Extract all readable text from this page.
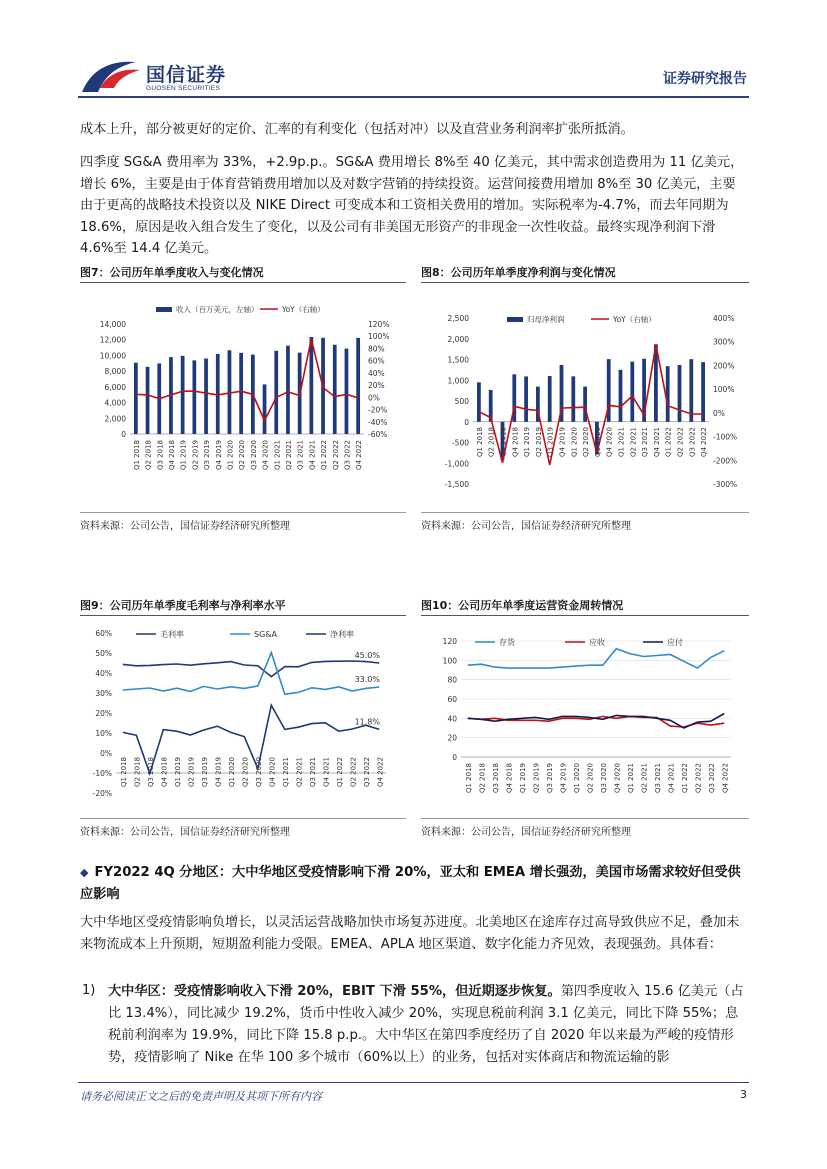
国信证券
GUOSEN SECURITIES
证券研究报告

成本上升，部分被更好的定价、汇率的有利变化（包括对冲）以及直营业务利润率扩张所抵消。

四季度 SG&A 费用率为 33%，+2.9p.p.。SG&A 费用增长 8%至 40 亿美元，其中需求创造费用为 11 亿美元，增长 6%，主要是由于体育营销费用增加以及对数字营销的持续投资。运营间接费用增加 8%至 30 亿美元，主要由于更高的战略技术投资以及 NIKE Direct 可变成本和工资相关费用的增加。实际税率为-4.7%，而去年同期为 18.6%，原因是收入组合发生了变化，以及公司有非美国无形资产的非现金一次性收益。最终实现净利润下滑 4.6%至 14.4 亿美元。

图7：公司历年单季度收入与变化情况
0
2,000
4,000
6,000
8,000
10,000
12,000
14,000
-60%
-40%
-20%
0%
20%
40%
60%
80%
100%
120%
Q1 2018 Q2 2018 Q3 2018 Q4 2018 Q1 2019 Q2 2019 Q3 2019 Q4 2019 Q1 2020 Q2 2020 Q3 2020 Q4 2020 Q1 2021 Q2 2021 Q3 2021 Q4 2021 Q1 2022 Q2 2022 Q3 2022 Q4 2022
收入（百万美元，左轴）	YoY（右轴）
资料来源：公司公告，国信证券经济研究所整理
图8：公司历年单季度净利润与变化情况
-1,500
-1,000
-500
0
500
1,000
1,500
2,000
2,500
-300%
-200%
-100%
0%
100%
200%
300%
400%
Q1 2018 Q2 2018 Q3 2018 Q4 2018 Q1 2019 Q2 2019 Q3 2019 Q4 2019 Q1 2020 Q2 2020 Q3 2020 Q4 2020 Q1 2021 Q2 2021 Q3 2021 Q4 2021 Q1 2022 Q2 2022 Q3 2022 Q4 2022
归母净利润	YoY（右轴）
资料来源：公司公告，国信证券经济研究所整理
图9：公司历年单季度毛利率与净利率水平
-20%
-10%
0%
10%
20%
30%
40%
50%
60%	毛利率
45.0%
SG&A
33.0%
净利率
11.8%
Q1 2018 Q2 2018 Q3 2018 Q4 2018 Q1 2019 Q2 2019 Q3 2019 Q4 2019 Q1 2020 Q2 2020 Q3 2020 Q4 2020 Q1 2021 Q2 2021 Q3 2021 Q4 2021 Q1 2022 Q2 2022 Q3 2022 Q4 2022
资料来源：公司公告，国信证券经济研究所整理
图10：公司历年单季度运营资金周转情况
0
20
40
60
80
100
120	存货	应收	应付
Q1 2018 Q2 2018 Q3 2018 Q4 2018 Q1 2019 Q2 2019 Q3 2019 Q4 2019 Q1 2020 Q2 2020 Q3 2020 Q4 2020 Q1 2021 Q2 2021 Q3 2021 Q4 2021 Q1 2022 Q2 2022 Q3 2022 Q4 2022
资料来源：公司公告，国信证券经济研究所整理
◆ FY2022 4Q 分地区：大中华地区受疫情影响下滑 20%，亚太和 EMEA 增长强劲，美国市场需求较好但受供应影响

大中华地区受疫情影响负增长，以灵活运营战略加快市场复苏进度。北美地区在途库存过高导致供应不足，叠加未来物流成本上升预期，短期盈利能力受限。EMEA、APLA 地区渠道、数字化能力齐见效，表现强劲。具体看：

1) 大中华区：受疫情影响收入下滑 20%，EBIT 下滑 55%，但近期逐步恢复。第四季度收入 15.6 亿美元（占比 13.4%），同比减少 19.2%，货币中性收入减少 20%，实现息税前利润 3.1 亿美元，同比下降 55%；息税前利润率为 19.9%，同比下降 15.8 p.p.。大中华区在第四季度经历了自 2020 年以来最为严峻的疫情形势，疫情影响了 Nike 在华 100 多个城市（60%以上）的业务，包括对实体商店和物流运输的影
请务必阅读正文之后的免责声明及其项下所有内容	3
